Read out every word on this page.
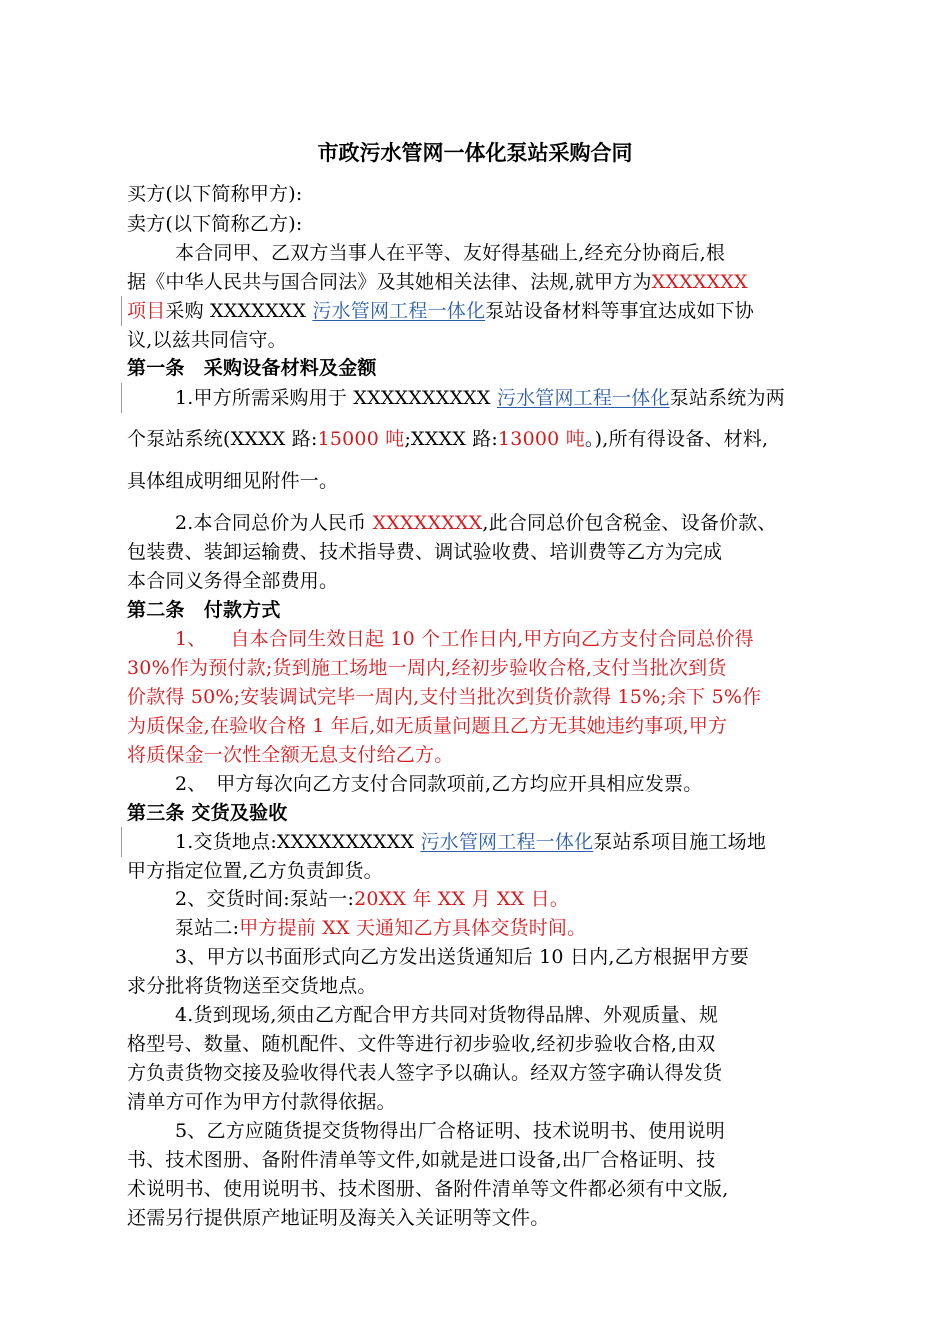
市政污水管网一体化泵站采购合同
买方(以下简称甲方):
卖方(以下简称乙方):
本合同甲、乙双方当事人在平等、友好得基础上,经充分协商后,根
据《中华人民共与国合同法》及其她相关法律、法规,就甲方为XXXXXXX
项目采购 XXXXXXX 污水管网工程一体化泵站设备材料等事宜达成如下协
议,以兹共同信守。
第一条　采购设备材料及金额
1.甲方所需采购用于 XXXXXXXXXX 污水管网工程一体化泵站系统为两
个泵站系统(XXXX 路:15000 吨;XXXX 路:13000 吨。),所有得设备、材料,
具体组成明细见附件一。
2.本合同总价为人民币 XXXXXXXX,此合同总价包含税金、设备价款、
包装费、装卸运输费、技术指导费、调试验收费、培训费等乙方为完成
本合同义务得全部费用。
第二条　付款方式
1、 自本合同生效日起 10 个工作日内,甲方向乙方支付合同总价得
30%作为预付款;货到施工场地一周内,经初步验收合格,支付当批次到货
价款得 50%;安装调试完毕一周内,支付当批次到货价款得 15%;余下 5%作
为质保金,在验收合格 1 年后,如无质量问题且乙方无其她违约事项,甲方
将质保金一次性全额无息支付给乙方。
2、　甲方每次向乙方支付合同款项前,乙方均应开具相应发票。
第三条 交货及验收
1.交货地点:XXXXXXXXXX 污水管网工程一体化泵站系项目施工场地
甲方指定位置,乙方负责卸货。
2、交货时间:泵站一:20XX 年 XX 月 XX 日。
泵站二:甲方提前 XX 天通知乙方具体交货时间。
3、甲方以书面形式向乙方发出送货通知后 10 日内,乙方根据甲方要
求分批将货物送至交货地点。
4.货到现场,须由乙方配合甲方共同对货物得品牌、外观质量、规
格型号、数量、随机配件、文件等进行初步验收,经初步验收合格,由双
方负责货物交接及验收得代表人签字予以确认。经双方签字确认得发货
清单方可作为甲方付款得依据。
5、乙方应随货提交货物得出厂合格证明、技术说明书、使用说明
书、技术图册、备附件清单等文件,如就是进口设备,出厂合格证明、技
术说明书、使用说明书、技术图册、备附件清单等文件都必须有中文版,
还需另行提供原产地证明及海关入关证明等文件。
